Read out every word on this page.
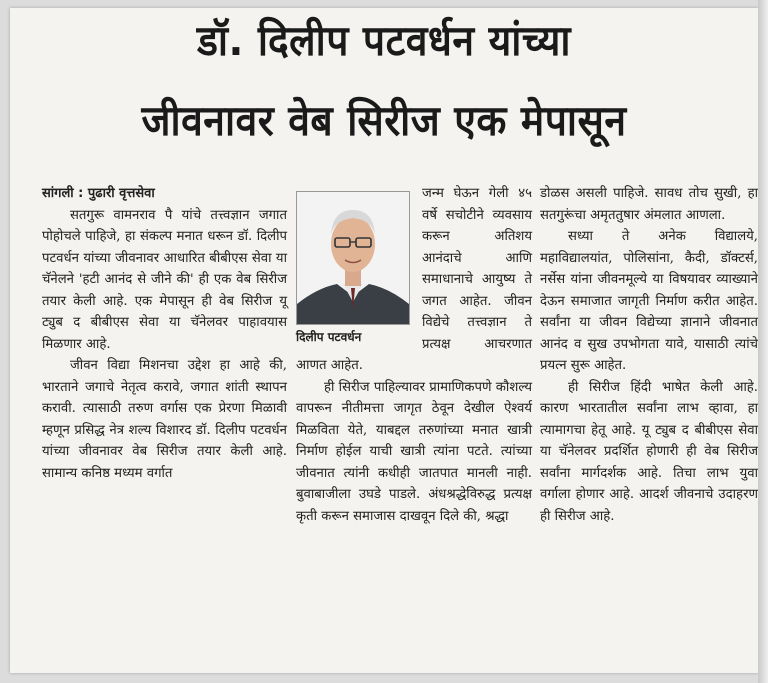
डॉ. दिलीप पटवर्धन यांच्या
जीवनावर वेब सिरीज एक मेपासून

सांगली : पुढारी वृत्तसेवा

सतगुरू वामनराव पै यांचे तत्त्वज्ञान जगात पोहोचले पाहिजे, हा संकल्प मनात धरून डॉ. दिलीप पटवर्धन यांच्या जीवनावर आधारित बीबीएस सेवा या चॅनेलने 'हटी आनंद से जीने की' ही एक वेब सिरीज तयार केली आहे. एक मेपासून ही वेब सिरीज यू ट्युब द बीबीएस सेवा या चॅनेलवर पाहावयास मिळणार आहे.

जीवन विद्या मिशनचा उद्देश हा आहे की, भारताने जगाचे नेतृत्व करावे, जगात शांती स्थापन करावी. त्यासाठी तरुण वर्गास एक प्रेरणा मिळावी म्हणून प्रसिद्ध नेत्र शल्य विशारद डॉ. दिलीप पटवर्धन यांच्या जीवनावर वेब सिरीज तयार केली आहे. सामान्य कनिष्ठ मध्यम वर्गात

दिलीप पटवर्धन

जन्म घेऊन गेली ४५ वर्षे सचोटीने व्यवसाय करून अतिशय आनंदाचे आणि समाधानाचे आयुष्य ते जगत आहेत. जीवन विद्येचे तत्त्वज्ञान ते प्रत्यक्ष आचरणात आणत आहेत.

ही सिरीज पाहिल्यावर प्रामाणिकपणे कौशल्य वापरून नीतीमत्ता जागृत ठेवून देखील ऐश्वर्य मिळविता येते, याबद्दल तरुणांच्या मनात खात्री निर्माण होईल याची खात्री त्यांना पटते. त्यांच्या जीवनात त्यांनी कधीही जातपात मानली नाही. बुवाबाजीला उघडे पाडले. अंधश्रद्धेविरुद्ध प्रत्यक्ष कृती करून समाजास दाखवून दिले की, श्रद्धा

डोळस असली पाहिजे. सावध तोच सुखी, हा सतगुरूंचा अमृततुषार अंमलात आणला.

सध्या ते अनेक विद्यालये, महाविद्यालयांत, पोलिसांना, कैदी, डॉक्टर्स, नर्सेस यांना जीवनमूल्ये या विषयावर व्याख्याने देऊन समाजात जागृती निर्माण करीत आहेत. सर्वांना या जीवन विद्येच्या ज्ञानाने जीवनात आनंद व सुख उपभोगता यावे, यासाठी त्यांचे प्रयत्न सुरू आहेत.

ही सिरीज हिंदी भाषेत केली आहे. कारण भारतातील सर्वांना लाभ व्हावा, हा त्यामागचा हेतू आहे. यू ट्युब द बीबीएस सेवा या चॅनेलवर प्रदर्शित होणारी ही वेब सिरीज सर्वांना मार्गदर्शक आहे. तिचा लाभ युवा वर्गाला होणार आहे. आदर्श जीवनाचे उदाहरण ही सिरीज आहे.
